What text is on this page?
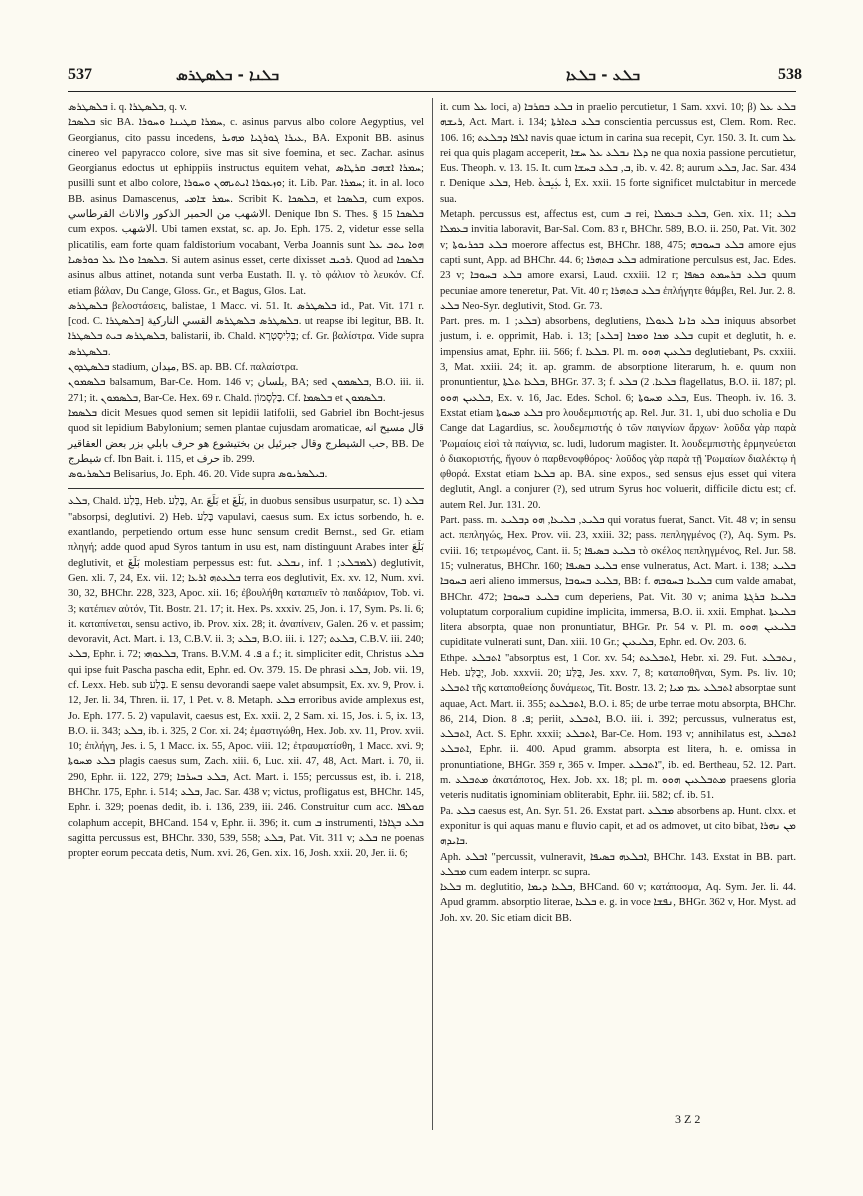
537	ܒܠܢܐ - ܒܠܣܛܪܣ	ܒܠܥ - ܒܠܥܐ	538

ܒܠܣܛܪܣ i. q. ܒܠܣܛܪܐ, q. v.

ܒܠܣܟܐ sic BA. ܚܡܪܐ ܩܛܝܢܐ ܘܚܘܪܐ, c. asinus parvus albo colore Aegyptius, vel Georgianus, cito passu incedens, ܥܝܪܐ ܓܘܪܓܝܐ ܡܗܝܪ, BA. Exponit BB. asinus cinereo vel papyracco colore, sive mas sit sive foemina, et sec. Zachar. asinus Georgianus edoctus ut ephippiis instructus equitem vehat, ܚܡܪܐ ܐܫܗܒ ܩܪܛܐܣ; pusilli sunt et albo colore, ܘܙܥܘܪܐ ܐܝܬܝܗܘܢ ܘܚܘܪܐ; it. Lib. Par. ܚܡܪܐ; it. in al. loco BB. asinus Damascenus, ܚܡܪ ܫܐܡܝ. Scribit K. ܒܠܣܟܐ, et ܒܠܣܟܐ, cum expos. الاشهب من الحمير الذكور والاناث القرطاسي. Denique Ibn S. Thes. § 15 ܒܠܣܟܐ cum expos. الاشهب. Ubi tamen exstat, sc. ap. Jo. Eph. 175. 2, videtur esse sella plicatilis, eam forte quam faldistorium vocabant, Verba Joannis sunt ܗܘܐ ܝܬܒ ܥܠ ܒܠܣܟܐ ܘܠܐ ܥܠ ܟܘܪܣܝܐ. Si autem asinus esset, certe dixisset ܪܟܝܒ. Quod ad ܒܠܣܟܐ asinus albus attinet, notanda sunt verba Eustath. Il. γ. τὸ φάλιον τὸ λευκόν. Cf. etiam βάλαν, Du Cange, Gloss. Gr., et Bagus, Glos. Lat.

ܒܠܣܛܪܣ βελοστάσεις, balistae, 1 Macc. vi. 51. It. ܒܠܣܛܪܣ id., Pat. Vit. 171 r. [cod. C. ܒܠܣܛܪܐ] ܒܠܣܛܪܣ ܒܠܣܛܪܣ القسي الناركية. ut reapse ibi legitur, BB. It. ܒܠܣܛܪܣ ܒܝܬ ܒܠܣܛܪܐ, balistarii, ib. Chald. בָּלִיסְטְרָא; cf. Gr. βαλίστρα. Vide supra ܒܠܣܛܪܣ.

ܒܠܣܛܕܘܢ stadium, ميدان, BS. ap. BB. Cf. παλαίστρα.

ܒܠܣܡܘܢ balsamum, Bar-Ce. Hom. 146 v; بلسان, BA; sed ܒܠܣܡܘܢ, B.O. iii. ii. 271; it. ܒܠܣܡܘܢ, Bar-Ce. Hex. 69 r. Chald. בַּלְסְמוֹן. Cf. ܒܠܣܡܐ et ܒܠܣܡܘܢ.

ܒܠܣܡܐ dicit Mesues quod semen sit lepidii latifolii, sed Gabriel ibn Bocht-jesus quod sit lepidium Babylonium; semen plantae cujusdam aromaticae, قال مسيح انه حب الشيطرج وقال جبرئيل بن بختيشوع هو حرف بابلي بزر بعض العقاقير, BB. De شيطرج cf. Ibn Bait. i. 115, et حرف ib. 299.

ܒܠܣܪܝܘܣ Belisarius, Jo. Eph. 46. 20. Vide supra ܒܝܠܣܪܝܘܣ.

ܒܠܥ, Chald. בְּלַע, Heb. בָּלַע, Ar. بَلَعَ et بَلَغَ, in duobus sensibus usurpatur, sc. 1) ܒܠܥ "absorpsi, deglutivi. 2) Heb. בָּלַע vapulavi, caesus sum. Ex ictus sorbendo, h. e. exantlando, perpetiendo ortum esse hunc sensum credit Bernst., sed Gr. etiam πληγή; adde quod apud Syros tantum in usu est, nam distinguunt Arabes inter بَلَعَ deglutivit, et بَلَغَ molestiam perpessus est: fut. ܢܒܠܥ, inf. ܠܡܒܠܥ; 1) deglutivit, Gen. xli. 7, 24, Ex. vii. 12; ܒܠܥܬܗ ܐܪܥܐ terra eos deglutivit, Ex. xv. 12, Num. xvi. 30, 32, BHChr. 228, 323, Apoc. xii. 16; ἐβουλήθη καταπιεῖν τὸ παιδάριον, Tob. vi. 3; κατέπιεν αὐτόν, Tit. Bostr. 21. 17; it. Hex. Ps. xxxiv. 25, Jon. i. 17, Sym. Ps. li. 6; it. καταπίνεται, sensu activo, ib. Prov. xix. 28; it. ἀναπίνειν, Galen. 26 v. et passim; devoravit, Act. Mart. i. 13, C.B.V. ii. 3; ܒܠܥ, B.O. iii. i. 127; ܒܠܥܬ, C.B.V. iii. 240; ܒܠܥ, Ephr. i. 72; ܒܠܥܘܗܝ, Trans. B.V.M. ܦ. 4 a f.; it. simpliciter edit, Christus ܒܠܥ qui ipse fuit Pascha pascha edit, Ephr. ed. Ov. 379. 15. De phrasi ܒܠܥ, Job. vii. 19, cf. Lexx. Heb. sub בָּלַע. E sensu devorandi saepe valet absumpsit, Ex. xv. 9, Prov. i. 12, Jer. li. 34, Thren. ii. 17, 1 Pet. v. 8. Metaph. ܒܠܥ erroribus avide amplexus est, Jo. Eph. 177. 5. 2) vapulavit, caesus est, Ex. xxii. 2, 2 Sam. xi. 15, Jos. i. 5, ix. 13, B.O. ii. 343; ܒܠܥ, ib. i. 325, 2 Cor. xi. 24; ἐμαστιγώθη, Hex. Job. xv. 11, Prov. xvii. 10; ἐπλήγη, Jes. i. 5, 1 Macc. ix. 55, Apoc. viii. 12; ἐτραυματίσθη, 1 Macc. xvi. 9; ܒܠܥ ܡܚܘܬܐ plagis caesus sum, Zach. xiii. 6, Luc. xii. 47, 48, Act. Mart. i. 70, ii. 290, Ephr. ii. 122, 279; ܒܠܥ ܒܚܪܒܐ, Act. Mart. i. 155; percussus est, ib. i. 218, BHChr. 175, Ephr. i. 514; ܒܠܥ, Jac. Sar. 438 v; victus, profligatus est, BHChr. 145, Ephr. i. 329; poenas dedit, ib. i. 136, 239, iii. 246. Construitur cum acc. ܩܘܠܦܐ colaphum accepit, BHCand. 154 v, Ephr. ii. 396; it. cum ܒ instrumenti, ܒܠܥ ܒܓܐܪܐ sagitta percussus est, BHChr. 330, 539, 558; ܒܠܥ, Pat. Vit. 311 v; ܒܠܥ ne poenas propter eorum peccata detis, Num. xvi. 26, Gen. xix. 16, Josh. xxii. 20, Jer. ii. 6;

it. cum ܥܠ loci, a) ܒܠܥ ܒܩܪܒܐ in praelio percutietur, 1 Sam. xxvi. 10; β) ܒܠܥ ܥܠ ܪܝܫܗ, Act. Mart. i. 134; ܒܠܥ ܒܬܐܪܬܐ conscientia percussus est, Clem. Rom. Rec. 106. 16; ܐܠܦܐ ܕܒܠܥܬ navis quae ictum in carina sua recepit, Cyr. 150. 3. It. cum ܥܠ rei qua quis plagam acceperit, ܕܠܐ ܢܒܠܥ ܥܠ ܚܫܐ ne qua noxia passione percutietur, Eus. Theoph. v. 13. 15. It. cum ܒ, ܒܠܥ ܒܚܫܐ, ib. v. 42. 8; aurum ܒܠܥ, Jac. Sar. 434 r. Denique ܒܠܥ, Heb. ܐ̇ ܥܲܝܸܒܬܵ, Ex. xxii. 15 forte significet mulctabitur in mercede sua.

Metaph. percussus est, affectus est, cum ܒ rei, ܒܠܥ ܒܥܡܠܐ, Gen. xix. 11; ܒܠܥ ܒܥܡܠܐ invitia laboravit, Bar-Sal. Com. 83 r, BHChr. 589, B.O. ii. 250, Pat. Vit. 302 v; ܒܠܥ ܒܟܪܝܘܬܐ moerore affectus est, BHChr. 188, 475; ܒܠܥ ܒܚܘܒܗ amore ejus capti sunt, App. ad BHChr. 44. 6; ܒܠܥ ܒܬܗܪܐ admiratione perculsus est, Jac. Edes. 23 v; ܒܠܥ ܒܚܘܒܐ amore exarsi, Laud. cxxiii. 12 r; ܒܠܥ ܒܪܚܡܬ ܟܣܦܐ quum pecuniae amore teneretur, Pat. Vit. 40 r; ܒܠܥ ܒܬܗܪܐ ἐπλήγητε θάμβει, Rel. Jur. 2. 8.

ܒܠܥ Neo-Syr. deglutivit, Stod. Gr. 73.

Part. pres. m. ܒܠܥ; 1) absorbens, deglutiens, ܒܠܥ ܟܐܢܐ ܠܥܘܠܐ iniquus absorbet justum, i. e. opprimit, Hab. i. 13; ܒܠܥ ܡܟܐ ܘܡܟܐ [ܒܠܥ] cupit et deglutit, h. e. impensius amat, Ephr. iii. 566; f. ܒܠܥܐ. Pl. m. ܒܠܥܝܢ ܗܘܘ deglutiebant, Ps. cxxiii. 3, Mat. xxiii. 24; it. ap. gramm. de absorptione literarum, h. e. quum non pronuntientur, ܒܠܥܐ ܬܠܬܐ, BHGr. 37. 3; f. ܒܠܥܐ. 2) ܒܠܥ flagellatus, B.O. ii. 187; pl. ܒܠܥܝܢ ܗܘܘ, Ex. v. 16, Jac. Edes. Schol. 6; ܒܠܥ ܡܚܘܬܐ, Eus. Theoph. iv. 16. 3. Exstat etiam ܒܠܥ ܡܚܘܬܐ pro λουδεμπιστής ap. Rel. Jur. 31. 1, ubi duo scholia e Du Cange dat Lagardius, sc. λουδεμπιστής ὁ τῶν παιγνίων ἄρχων· λοῦδα γὰρ παρὰ Ῥωμαίοις εἰσὶ τὰ παίγνια, sc. ludi, ludorum magister. It. λουδεμπιστὴς ἑρμηνεύεται ὁ διακοριστής, ἤγουν ὁ παρθενοφθόρος· λοῦδος γὰρ παρὰ τῇ Ῥωμαίων διαλέκτῳ ἡ φθορά. Exstat etiam ܒܠܥܐ ap. BA. sine expos., sed sensus ejus esset qui vitera deglutit, Angl. a conjurer (?), sed utrum Syrus hoc voluerit, difficile dictu est; cf. autem Rel. Jur. 131. 20.

Part. pass. m. ܒܠܝܥ, ܒܠܝܥܐ, ܗܘ ܕܒܠܝܥ qui voratus fuerat, Sanct. Vit. 48 v; in sensu act. πεπληγώς, Hex. Prov. vii. 23, xxiii. 32; pass. πεπληγμένος (?), Aq. Sym. Ps. cviii. 16; τετρωμένος, Cant. ii. 5; ܒܠܝܥ ܒܣܝܦܐ τὸ σκέλος πεπληγμένος, Rel. Jur. 58. 15; vulneratus, BHChr. 160; ܒܠܝܥ ܒܣܝܦܐ ense vulneratus, Act. Mart. i. 138; ܒܠܝܥ ܒܚܘܒܐ aeri alieno immersus, ܒܠܝܥ ܒܚܘܒܐ, BB: f. ܒܠܝܥܐ ܒܚܘܒܗ cum valde amabat, BHChr. 472; ܒܠܝܥ ܒܚܘܒܐ cum deperiens, Pat. Vit. 30 v; anima ܒܠܝܥܐ ܒܪܓܬܐ voluptatum corporalium cupidine implicita, immersa, B.O. ii. xxii. Emphat. ܒܠܝܥܬܐ litera absorpta, quae non pronuntiatur, BHGr. Pr. 54 v. Pl. m. ܒܠܝܥܝܢ ܗܘܘ cupiditate vulnerati sunt, Dan. xiii. 10 Gr.; ܒܠܝܥܝܢ, Ephr. ed. Ov. 203. 6.

Ethpe. ܐܬܒܠܥ "absorptus est, 1 Cor. xv. 54; ܐܬܒܠܥܬ, Hebr. xi. 29. Fut. ܢܬܒܠܥ, Heb. יְבֻלַּע, Job. xxxvii. 20; בֻּלַּע, Jes. xxv. 7, 8; καταποθῆναι, Sym. Ps. liv. 10; ܐܬܒܠܥ τῆς καταποθείσης δυνάμεως, Tit. Bostr. 13. 2; ܐܬܒܠܥ ܥܡ ܡܝܐ absorptae sunt aquae, Act. Mart. ii. 355; ܐܬܒܠܥܬ, B.O. i. 85; de urbe terrae motu absorpta, BHChr. 86, 214, Dion. ܦ. 8; periit, ܐܬܒܠܥ, B.O. iii. i. 392; percussus, vulneratus est, ܐܬܒܠܥ, Act. S. Ephr. xxxii; ܐܬܒܠܥ, Bar-Ce. Hom. 193 v; annihilatus est, ܐܬܒܠܥ ܐܬܒܠܥ, Ephr. ii. 400. Apud gramm. absorpta est litera, h. e. omissa in pronuntiatione, BHGr. 359 r, 365 v. Imper. ܐܬܒܠܥ", ib. ed. Bertheau, 52. 12. Part. m. ܡܬܒܠܥ ἀκατάποτος, Hex. Job. xx. 18; pl. m. ܡܬܒܠܥܝܢ ܗܘܘ praesens gloria veteris nuditatis ignominiam obliterabit, Ephr. iii. 582; cf. ib. 51.

Pa. ܒܠܥ caesus est, An. Syr. 51. 26. Exstat part. ܡܒܠܥ absorbens ap. Hunt. clxx. et exponitur is qui aquas manu e fluvio capit, et ad os admovet, ut cito bibat, ܡܢ ܢܗܪܐ ܒܐܝܕܗ.

Aph. ܐܒܠܥ "percussit, vulneravit, ܐܒܠܥܗ ܒܣܝܦܐ, BHChr. 143. Exstat in BB. part. ܡܒܠܥ cum eadem interpr. sc supra.

ܒܠܥܐ m. deglutitio, ܒܠܥܐ ܕܝܡܐ, BHCand. 60 v; κατάποσμα, Aq. Sym. Jer. li. 44. Apud gramm. absorptio literae, ܒܠܥܐ e. g. in voce ܢܦܫܐ, BHGr. 362 v, Hor. Myst. ad Joh. xv. 20. Sic etiam dicit BB.

3 Z 2
